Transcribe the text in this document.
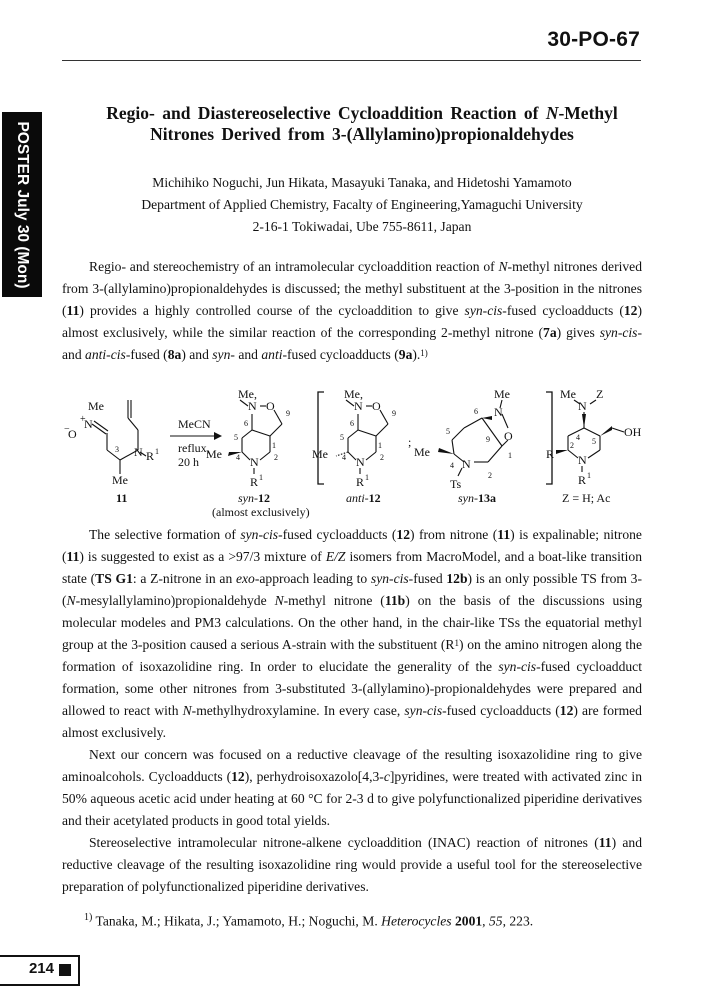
30-PO-67
POSTER July 30 (Mon)
Regio- and Diastereoselective Cycloaddition Reaction of N-Methyl
Nitrones Derived from 3-(Allylamino)propionaldehydes
Michihiko Noguchi, Jun Hikata, Masayuki Tanaka, and Hidetoshi Yamamoto
Department of Applied Chemistry, Facalty of Engineering,Yamaguchi University
2-16-1 Tokiwadai, Ube 755-8611, Japan

Regio- and stereochemistry of an intramolecular cycloaddition reaction of N-methyl nitrones derived from 3-(allylamino)propionaldehydes is discussed; the methyl substituent at the 3-position in the nitrones (11) provides a highly controlled course of the cycloaddition to give syn-cis-fused cycloadducts (12) almost exclusively, while the similar reaction of the corresponding 2-methyl nitrone (7a) gives syn-cis- and anti-cis-fused (8a) and syn- and anti-fused cycloadducts (9a).$^{1)}$

Me
+
N
−
O
N R 1
3
Me
11
MeCN
reflux,
20 h
Me,
N O
N
R 1
Me
6
5
4
1
2
9
syn-12
(almost exclusively)
Me,
N O
N
R 1
Me
6
5
4
1
2
9
anti-12
;
Me
N
O
N
Ts
Me
6
5
4
9
1
2
syn-13a
Me
N
Z
OH
N
R
R 1
4 5
2
Z = H; Ac

The selective formation of syn-cis-fused cycloadducts (12) from nitrone (11) is expalinable; nitrone (11) is suggested to exist as a >97/3 mixture of E/Z isomers from MacroModel, and a boat-like transition state (TS G1: a Z-nitrone in an exo-approach leading to syn-cis-fused 12b) is an only possible TS from 3-(N-mesylallylamino)propionaldehyde N-methyl nitrone (11b) on the basis of the discussions using molecular modeles and PM3 calculations. On the other hand, in the chair-like TSs the equatorial methyl group at the 3-position caused a serious A-strain with the substituent $(R^1)$ on the amino nitrogen along the formation of isoxazolidine ring. In order to elucidate the generality of the syn-cis-fused cycloadduct formation, some other nitrones from 3-substituted 3-(allylamino)-propionaldehydes were prepared and allowed to react with N-methylhydroxylamine. In every case, syn-cis-fused cycloadducts (12) are formed almost exclusively.

Next our concern was focused on a reductive cleavage of the resulting isoxazolidine ring to give aminoalcohols. Cycloadducts (12), perhydroisoxazolo[4,3-c]pyridines, were treated with activated zinc in 50% aqueous acetic acid under heating at 60 °C for 2-3 d to give polyfunctionalized piperidine derivatives and their acetylated products in good total yields.

Stereoselective intramolecular nitrone-alkene cycloaddition (INAC) reaction of nitrones (11) and reductive cleavage of the resulting isoxazolidine ring would provide a useful tool for the stereoselective preparation of polyfunctionalized piperidine derivatives.

$^{1)}$ Tanaka, M.; Hikata, J.; Yamamoto, H.; Noguchi, M. Heterocycles 2001, 55, 223.
214
